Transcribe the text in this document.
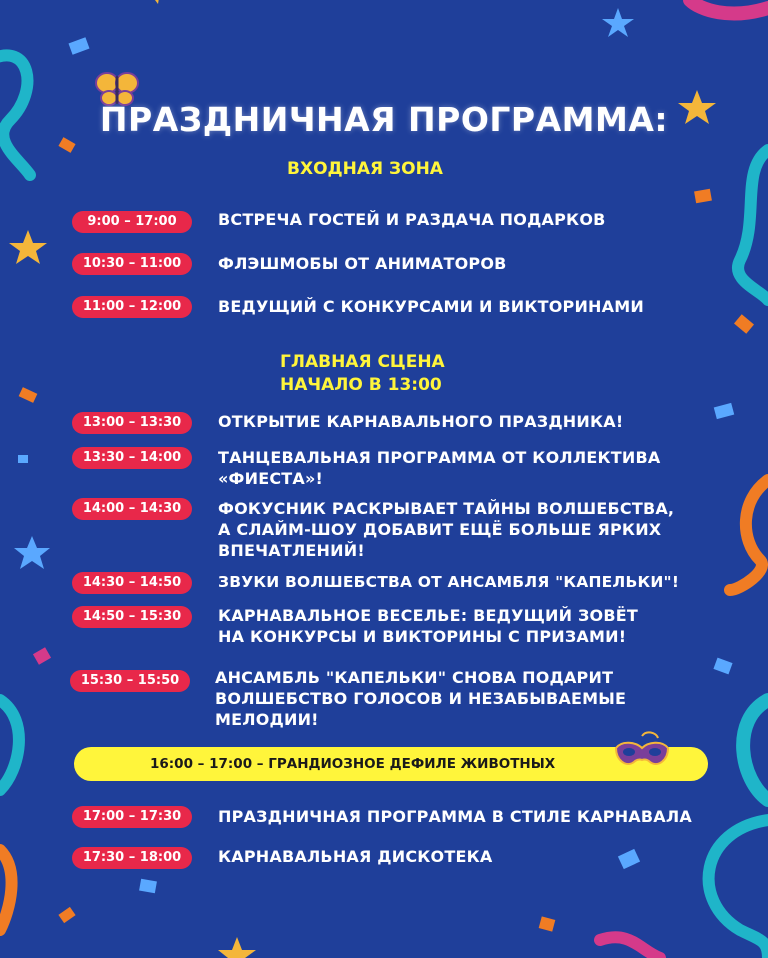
ПРАЗДНИЧНАЯ ПРОГРАММА:
ВХОДНАЯ ЗОНА
9:00 – 17:00	ВСТРЕЧА ГОСТЕЙ И РАЗДАЧА ПОДАРКОВ
10:30 – 11:00	ФЛЭШМОБЫ ОТ АНИМАТОРОВ
11:00 – 12:00	ВЕДУЩИЙ С КОНКУРСАМИ И ВИКТОРИНАМИ
ГЛАВНАЯ СЦЕНА
НАЧАЛО В 13:00
13:00 – 13:30	ОТКРЫТИЕ КАРНАВАЛЬНОГО ПРАЗДНИКА!
13:30 – 14:00	ТАНЦЕВАЛЬНАЯ ПРОГРАММА ОТ КОЛЛЕКТИВА
«ФИЕСТА»!
14:00 – 14:30	ФОКУСНИК РАСКРЫВАЕТ ТАЙНЫ ВОЛШЕБСТВА,
А СЛАЙМ-ШОУ ДОБАВИТ ЕЩЁ БОЛЬШЕ ЯРКИХ
ВПЕЧАТЛЕНИЙ!
14:30 – 14:50	ЗВУКИ ВОЛШЕБСТВА ОТ АНСАМБЛЯ "КАПЕЛЬКИ"!
14:50 – 15:30	КАРНАВАЛЬНОЕ ВЕСЕЛЬЕ: ВЕДУЩИЙ ЗОВЁТ
НА КОНКУРСЫ И ВИКТОРИНЫ С ПРИЗАМИ!
15:30 – 15:50	АНСАМБЛЬ "КАПЕЛЬКИ" СНОВА ПОДАРИТ
ВОЛШЕБСТВО ГОЛОСОВ И НЕЗАБЫВАЕМЫЕ
МЕЛОДИИ!
16:00 – 17:00 – ГРАНДИОЗНОЕ ДЕФИЛЕ ЖИВОТНЫХ
17:00 – 17:30	ПРАЗДНИЧНАЯ ПРОГРАММА В СТИЛЕ КАРНАВАЛА
17:30 – 18:00	КАРНАВАЛЬНАЯ ДИСКОТЕКА
